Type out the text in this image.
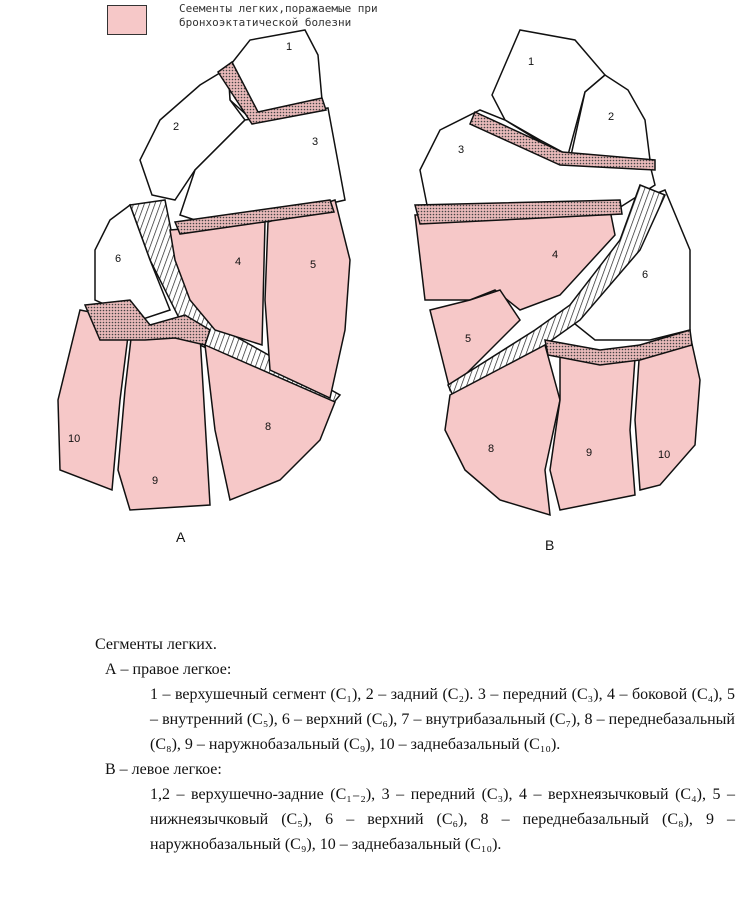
Сеементы легких,поражаемые при
бронхоэктатической болезни
1
2
3
4	5
6
8
9
10
A
1
2
3
4
5
6
8	9	10
B
Сегменты легких.
А – правое легкое:
1 – верхушечный сегмент (C₁), 2 – задний (C₂). 3 – передний (C₃), 4 – боковой (C₄), 5 – внутренний (C₅), 6 – верхний (C₆), 7 – внутрибазальный (C₇), 8 – переднебазальный (C₈), 9 – наружнобазальный (C₉), 10 – заднебазальный (C₁₀).
В – левое легкое:
1,2 – верхушечно-задние (C₁₋₂), 3 – передний (C₃), 4 – верхнеязычковый (C₄), 5 – нижнеязычковый (C₅), 6 – верхний (C₆), 8 – переднебазальный (C₈), 9 – наружнобазальный (C₉), 10 – заднебазальный (C₁₀).
